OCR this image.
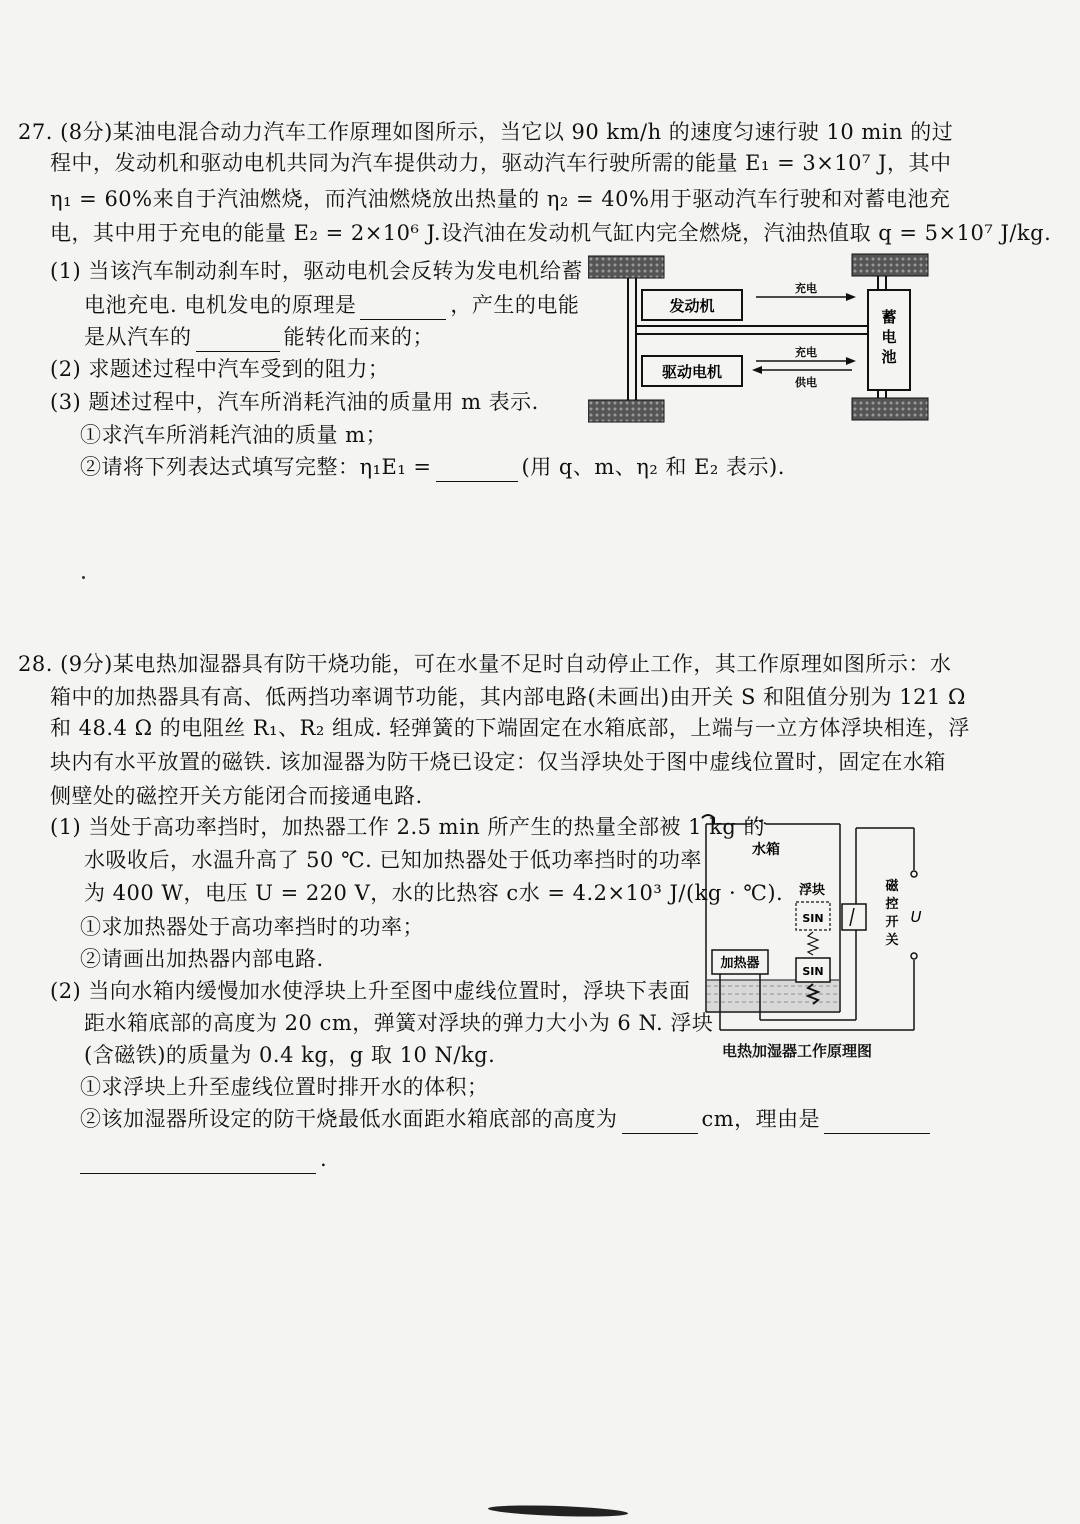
27. (8分)某油电混合动力汽车工作原理如图所示，当它以 90 km/h 的速度匀速行驶 10 min 的过
程中，发动机和驱动电机共同为汽车提供动力，驱动汽车行驶所需的能量 E₁ = 3×10⁷ J，其中
η₁ = 60%来自于汽油燃烧，而汽油燃烧放出热量的 η₂ = 40%用于驱动汽车行驶和对蓄电池充
电，其中用于充电的能量 E₂ = 2×10⁶ J.设汽油在发动机气缸内完全燃烧，汽油热值取 q = 5×10⁷ J/kg.
(1) 当该汽车制动刹车时，驱动电机会反转为发电机给蓄
电池充电. 电机发电的原理是	，产生的电能
是从汽车的	能转化而来的；
(2) 求题述过程中汽车受到的阻力；
(3) 题述过程中，汽车所消耗汽油的质量用 m 表示.
①求汽车所消耗汽油的质量 m；
②请将下列表达式填写完整：η₁E₁ =	(用 q、m、η₂ 和 E₂ 表示).
蓄
电
池
发动机
驱动电机
充电
充电
供电
28. (9分)某电热加湿器具有防干烧功能，可在水量不足时自动停止工作，其工作原理如图所示：水
箱中的加热器具有高、低两挡功率调节功能，其内部电路(未画出)由开关 S 和阻值分别为 121 Ω
和 48.4 Ω 的电阻丝 R₁、R₂ 组成. 轻弹簧的下端固定在水箱底部，上端与一立方体浮块相连，浮
块内有水平放置的磁铁. 该加湿器为防干烧已设定：仅当浮块处于图中虚线位置时，固定在水箱
侧壁处的磁控开关方能闭合而接通电路.
(1) 当处于高功率挡时，加热器工作 2.5 min 所产生的热量全部被 1 kg 的
水吸收后，水温升高了 50 ℃. 已知加热器处于低功率挡时的功率
为 400 W，电压 U = 220 V，水的比热容 c水 = 4.2×10³ J/(kg · ℃).
①求加热器处于高功率挡时的功率；
②请画出加热器内部电路.
(2) 当向水箱内缓慢加水使浮块上升至图中虚线位置时，浮块下表面
距水箱底部的高度为 20 cm，弹簧对浮块的弹力大小为 6 N. 浮块
(含磁铁)的质量为 0.4 kg，g 取 10 N/kg.
①求浮块上升至虚线位置时排开水的体积；
②该加湿器所设定的防干烧最低水面距水箱底部的高度为	cm，理由是
.
水箱
加热器
浮块
SIN
SIN
U
磁
控
开
关
电热加湿器工作原理图
